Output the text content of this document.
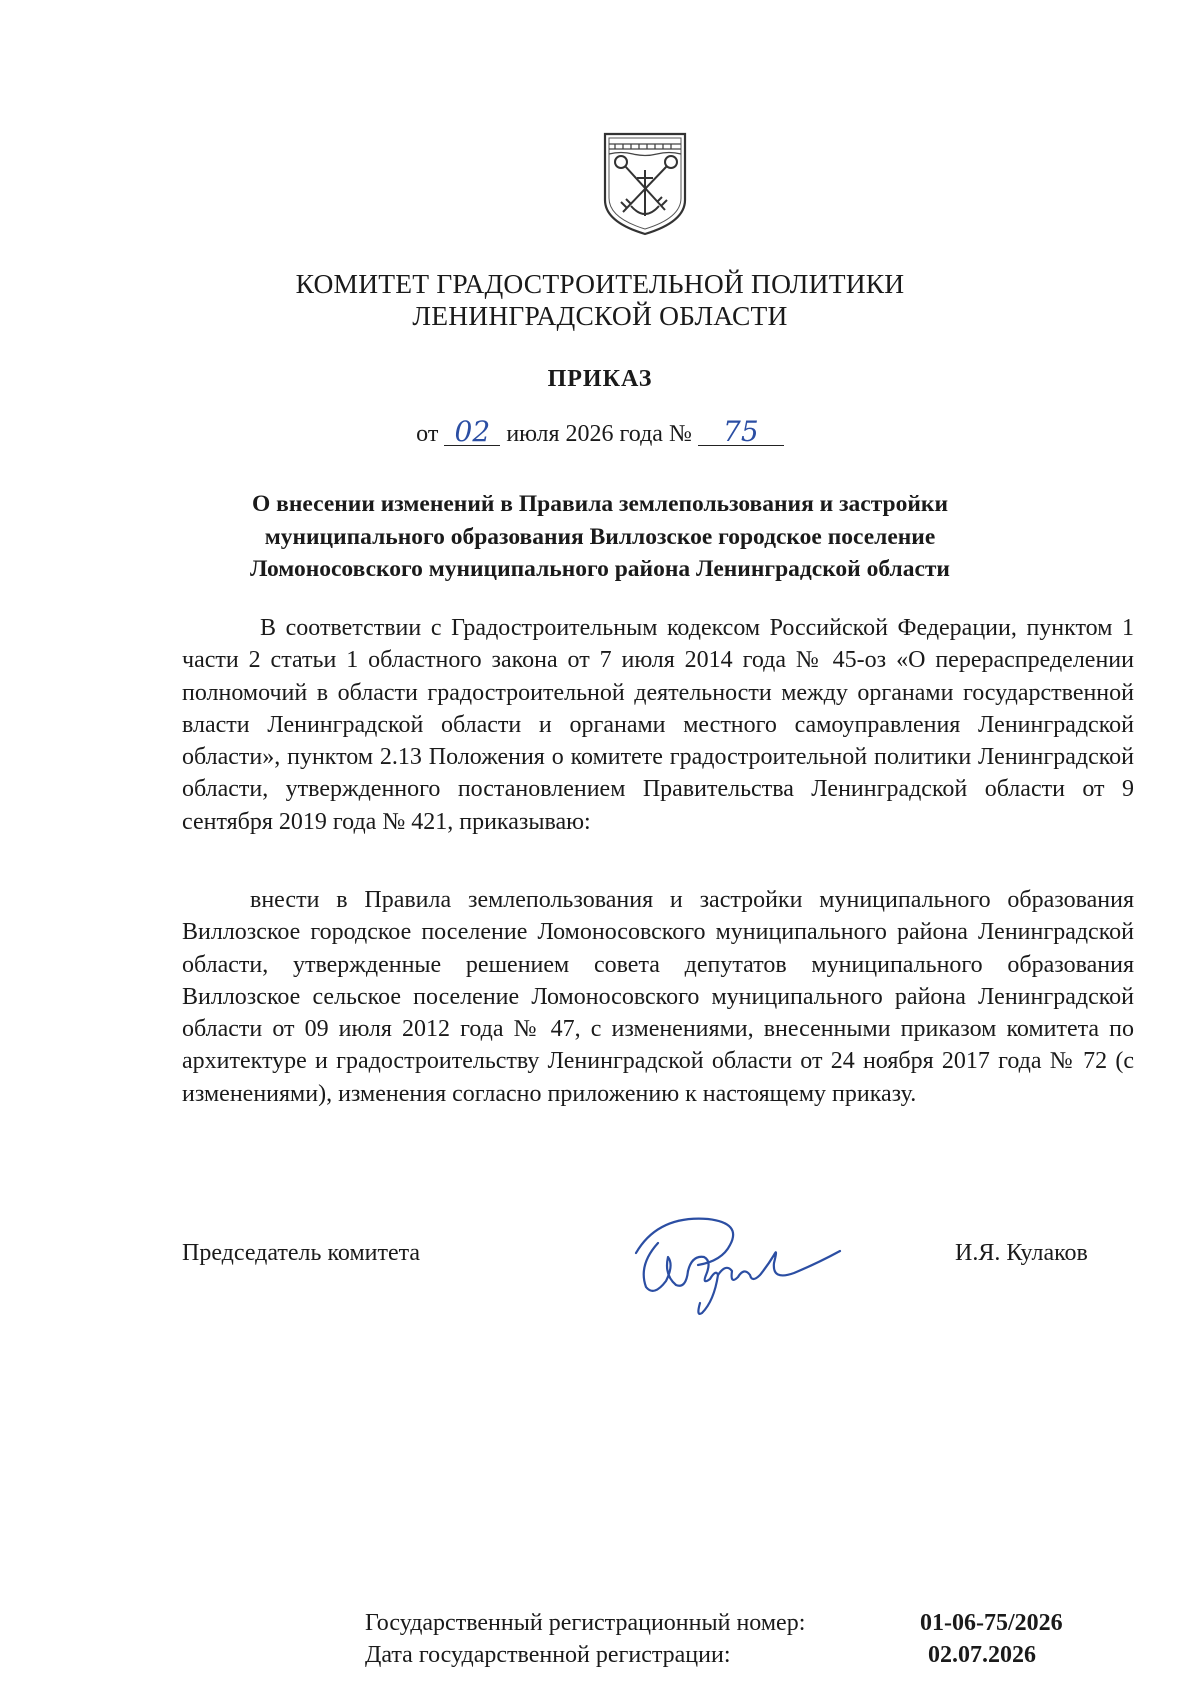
КОМИТЕТ ГРАДОСТРОИТЕЛЬНОЙ ПОЛИТИКИ
ЛЕНИНГРАДСКОЙ ОБЛАСТИ
ПРИКАЗ
от 02 июля 2026 года № 75
О внесении изменений в Правила землепользования и застройки
муниципального образования Виллозское городское поселение
Ломоносовского муниципального района Ленинградской области
В соответствии с Градостроительным кодексом Российской Федерации, пунктом 1 части 2 статьи 1 областного закона от 7 июля 2014 года № 45-оз «О перераспределении полномочий в области градостроительной деятельности между органами государственной власти Ленинградской области и органами местного самоуправления Ленинградской области», пунктом 2.13 Положения о комитете градостроительной политики Ленинградской области, утвержденного постановлением Правительства Ленинградской области от 9 сентября 2019 года № 421, приказываю:
внести в Правила землепользования и застройки муниципального образования Виллозское городское поселение Ломоносовского муниципального района Ленинградской области, утвержденные решением совета депутатов муниципального образования Виллозское сельское поселение Ломоносовского муниципального района Ленинградской области от 09 июля 2012 года № 47, с изменениями, внесенными приказом комитета по архитектуре и градостроительству Ленинградской области от 24 ноября 2017 года № 72 (с изменениями), изменения согласно приложению к настоящему приказу.
Председатель комитета	И.Я. Кулаков
Государственный регистрационный номер:	01-06-75/2026
Дата государственной регистрации:	02.07.2026
